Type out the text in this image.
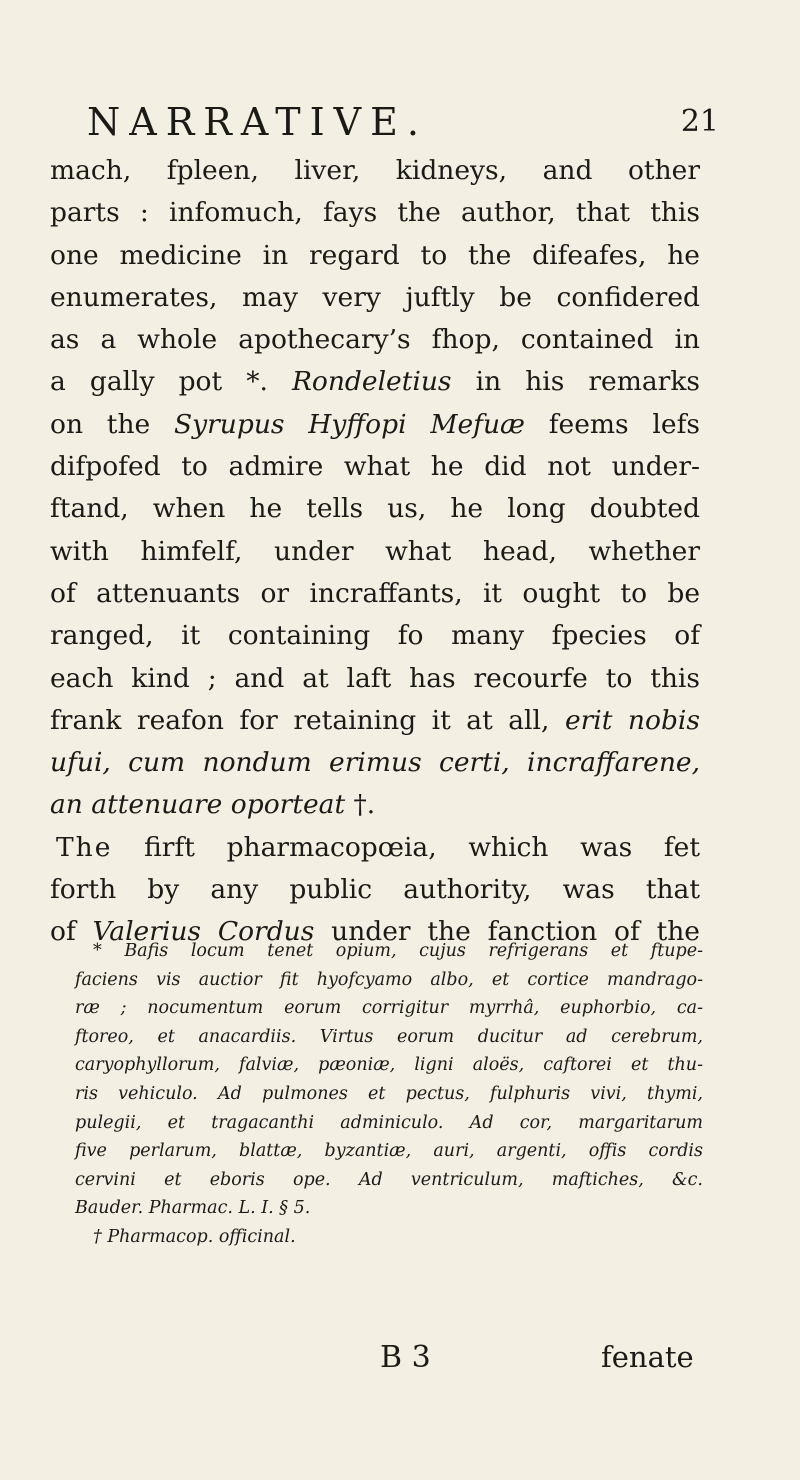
NARRATIVE.	21
mach, fpleen, liver, kidneys, and other
parts : infomuch, fays the author, that this
one medicine in regard to the difeafes, he
enumerates, may very juftly be confidered
as a whole apothecary’s fhop, contained in
a gally pot *. Rondeletius in his remarks
on the Syrupus Hyffopi Mefuæ feems lefs
difpofed to admire what he did not under-
ftand, when he tells us, he long doubted
with himfelf, under what head, whether
of attenuants or incraffants, it ought to be
ranged, it containing fo many fpecies of
each kind ; and at laft has recourfe to this
frank reafon for retaining it at all, erit nobis
ufui, cum nondum erimus certi, incraffarene,
an attenuare oporteat †.
The firft pharmacopœia, which was fet
forth by any public authority, was that
of Valerius Cordus under the fanction of the
* Bafis locum tenet opium, cujus refrigerans et ftupe-
faciens vis auctior fit hyofcyamo albo, et cortice mandrago-
ræ ; nocumentum eorum corrigitur myrrhâ, euphorbio, ca-
ftoreo, et anacardiis. Virtus eorum ducitur ad cerebrum,
caryophyllorum, falviæ, pæoniæ, ligni aloës, caftorei et thu-
ris vehiculo. Ad pulmones et pectus, fulphuris vivi, thymi,
pulegii, et tragacanthi adminiculo. Ad cor, margaritarum
five perlarum, blattæ, byzantiæ, auri, argenti, offis cordis
cervini et eboris ope. Ad ventriculum, maftiches, &c.
Bauder. Pharmac. L. I. § 5.
† Pharmacop. officinal.
B 3	fenate
